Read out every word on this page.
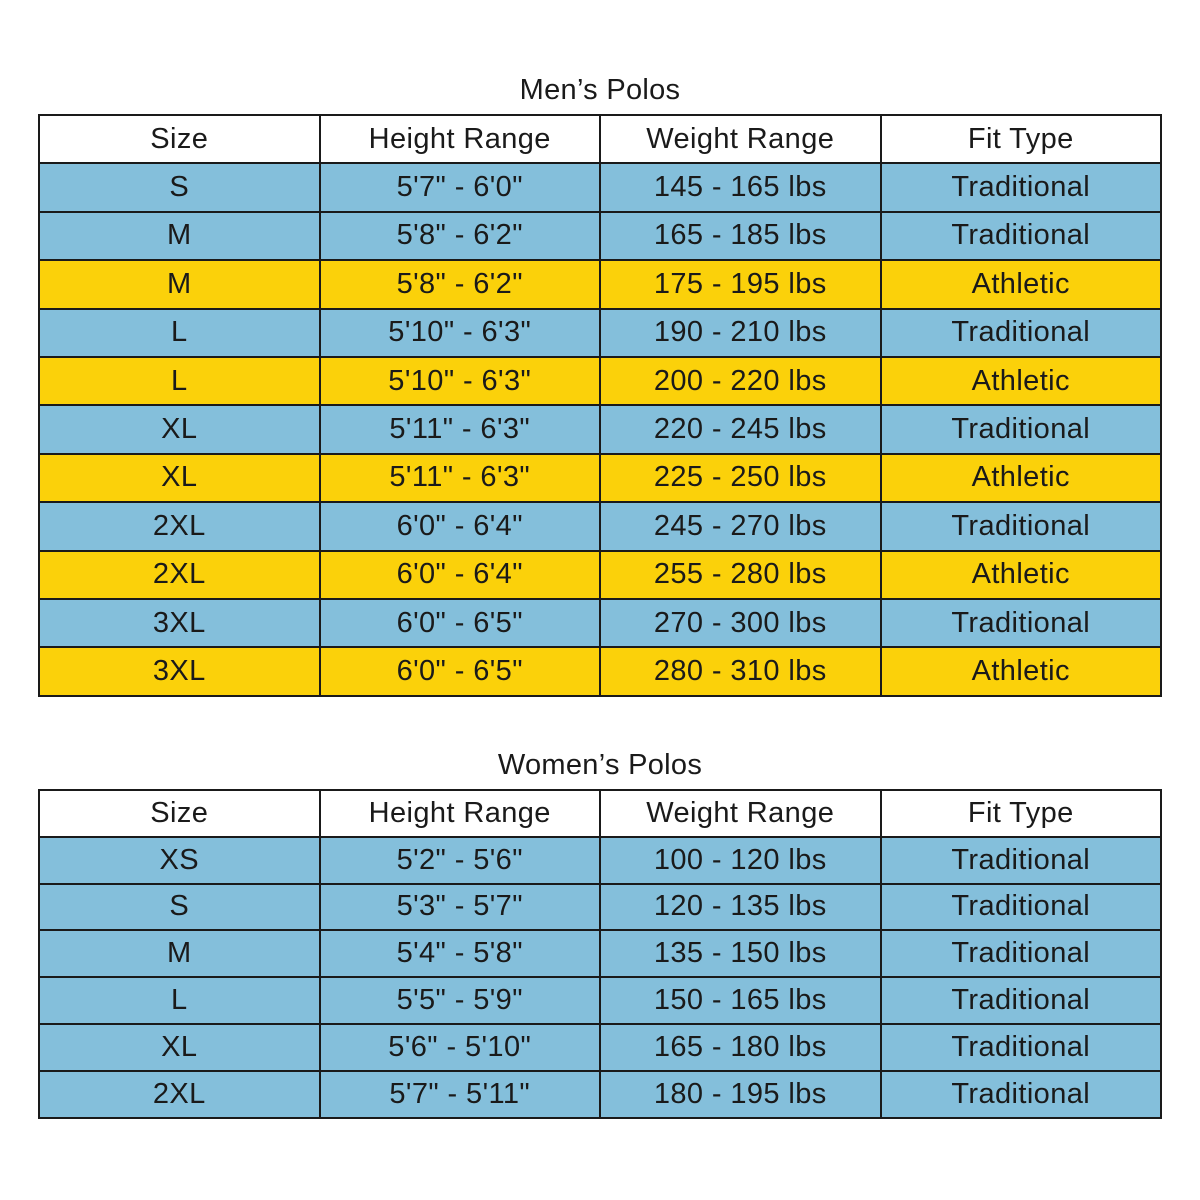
Men’s Polos
Size	Height Range	Weight Range	Fit Type
S	5'7" - 6'0"	145 - 165 lbs	Traditional
M	5'8" - 6'2"	165 - 185 lbs	Traditional
M	5'8" - 6'2"	175 - 195 lbs	Athletic
L	5'10" - 6'3"	190 - 210 lbs	Traditional
L	5'10" - 6'3"	200 - 220 lbs	Athletic
XL	5'11" - 6'3"	220 - 245 lbs	Traditional
XL	5'11" - 6'3"	225 - 250 lbs	Athletic
2XL	6'0" - 6'4"	245 - 270 lbs	Traditional
2XL	6'0" - 6'4"	255 - 280 lbs	Athletic
3XL	6'0" - 6'5"	270 - 300 lbs	Traditional
3XL	6'0" - 6'5"	280 - 310 lbs	Athletic
Women’s Polos
Size	Height Range	Weight Range	Fit Type
XS	5'2" - 5'6"	100 - 120 lbs	Traditional
S	5'3" - 5'7"	120 - 135 lbs	Traditional
M	5'4" - 5'8"	135 - 150 lbs	Traditional
L	5'5" - 5'9"	150 - 165 lbs	Traditional
XL	5'6" - 5'10"	165 - 180 lbs	Traditional
2XL	5'7" - 5'11"	180 - 195 lbs	Traditional
